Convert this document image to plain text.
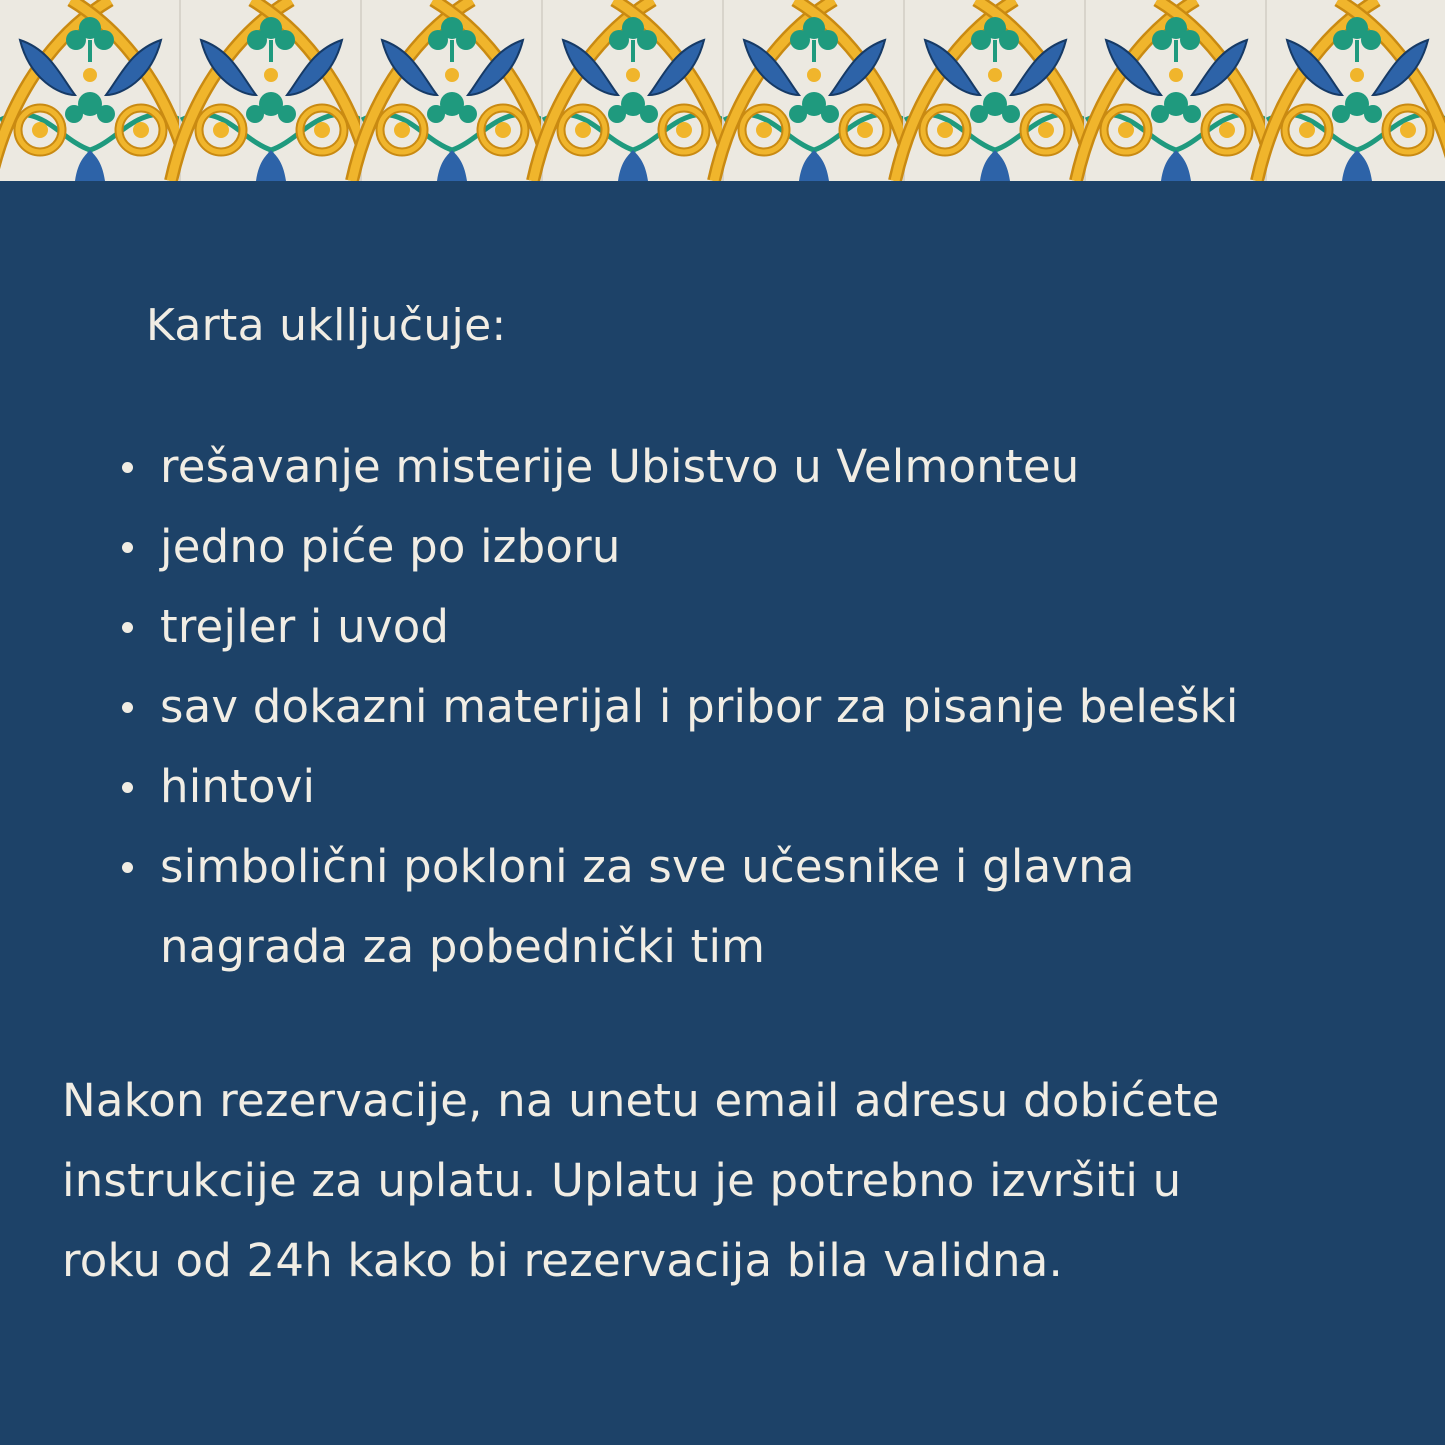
Karta uklljučuje:
rešavanje misterije Ubistvo u Velmonteu
jedno piće po izboru
trejler i uvod
sav dokazni materijal i pribor za pisanje beleški
hintovi
simbolični pokloni za sve učesnike i glavna
nagrada za pobednički tim

Nakon rezervacije, na unetu email adresu dobićete
instrukcije za uplatu. Uplatu je potrebno izvršiti u
roku od 24h kako bi rezervacija bila validna.
